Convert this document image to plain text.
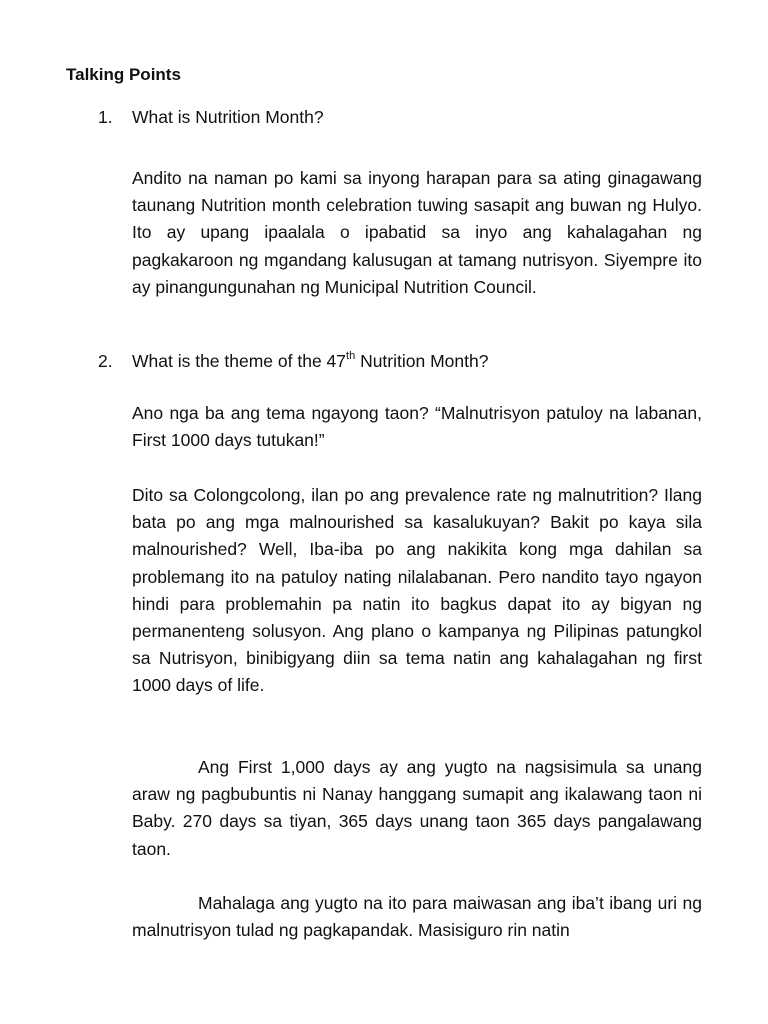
Talking Points
1. What is Nutrition Month?

Andito na naman po kami sa inyong harapan para sa ating ginagawang taunang Nutrition month celebration tuwing sasapit ang buwan ng Hulyo. Ito ay upang ipaalala o ipabatid sa inyo ang kahalagahan ng pagkakaroon ng mgandang kalusugan at tamang nutrisyon. Siyempre ito ay pinangungunahan ng Municipal Nutrition Council.

2. What is the theme of the 47th Nutrition Month?

Ano nga ba ang tema ngayong taon? “Malnutrisyon patuloy na labanan, First 1000 days tutukan!”

Dito sa Colongcolong, ilan po ang prevalence rate ng malnutrition? Ilang bata po ang mga malnourished sa kasalukuyan? Bakit po kaya sila malnourished? Well, Iba-iba po ang nakikita kong mga dahilan sa problemang ito na patuloy nating nilalabanan. Pero nandito tayo ngayon hindi para problemahin pa natin ito bagkus dapat ito ay bigyan ng permanenteng solusyon. Ang plano o kampanya ng Pilipinas patungkol sa Nutrisyon, binibigyang diin sa tema natin ang kahalagahan ng first 1000 days of life.

Ang First 1,000 days ay ang yugto na nagsisimula sa unang araw ng pagbubuntis ni Nanay hanggang sumapit ang ikalawang taon ni Baby. 270 days sa tiyan, 365 days unang taon 365 days pangalawang taon.

Mahalaga ang yugto na ito para maiwasan ang iba’t ibang uri ng malnutrisyon tulad ng pagkapandak. Masisiguro rin natin
